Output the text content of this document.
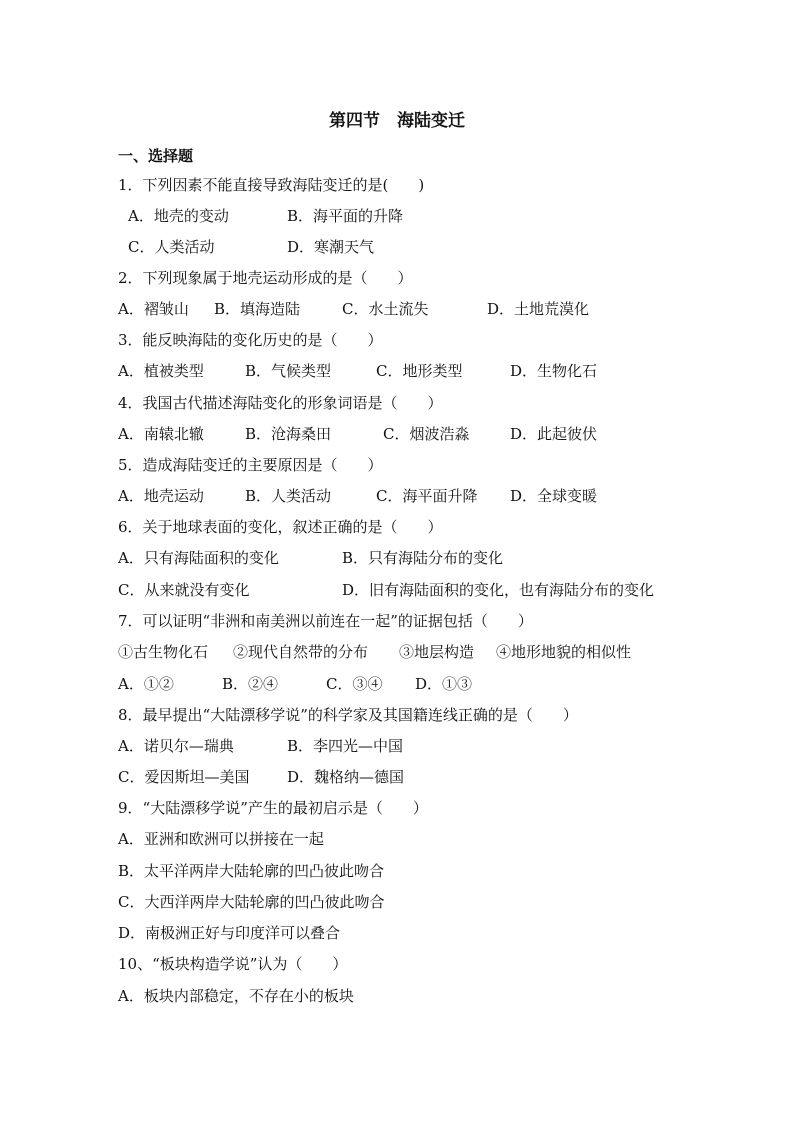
第四节　海陆变迁
一、选择题
1．下列因素不能直接导致海陆变迁的是(　　)
A．地壳的变动	B．海平面的升降
C．人类活动	D．寒潮天气
2．下列现象属于地壳运动形成的是（　　）
A．褶皱山 B．填海造陆	C．水土流失	D．土地荒漠化
3．能反映海陆的变化历史的是（　　）
A．植被类型	B．气候类型	C．地形类型	D．生物化石
4．我国古代描述海陆变化的形象词语是（　　）
A．南辕北辙	B．沧海桑田	C．烟波浩淼	D．此起彼伏
5．造成海陆变迁的主要原因是（　　）
A．地壳运动	B．人类活动	C．海平面升降 D．全球变暖
6．关于地球表面的变化，叙述正确的是（　　）
A．只有海陆面积的变化	B．只有海陆分布的变化
C．从来就没有变化	D．旧有海陆面积的变化，也有海陆分布的变化
7．可以证明“非洲和南美洲以前连在一起”的证据包括（　　）
①古生物化石 ②现代自然带的分布 ③地层构造 ④地形地貌的相似性
A．①②	B．②④	C．③④ D．①③
8．最早提出“大陆漂移学说”的科学家及其国籍连线正确的是（　　）
A．诺贝尔—瑞典	B．李四光—中国
C．爱因斯坦—美国	D．魏格纳—德国
9．“大陆漂移学说”产生的最初启示是（　　）
A．亚洲和欧洲可以拼接在一起
B．太平洋两岸大陆轮廓的凹凸彼此吻合
C．大西洋两岸大陆轮廓的凹凸彼此吻合
D．南极洲正好与印度洋可以叠合
10、“板块构造学说”认为（　　）
A．板块内部稳定，不存在小的板块
